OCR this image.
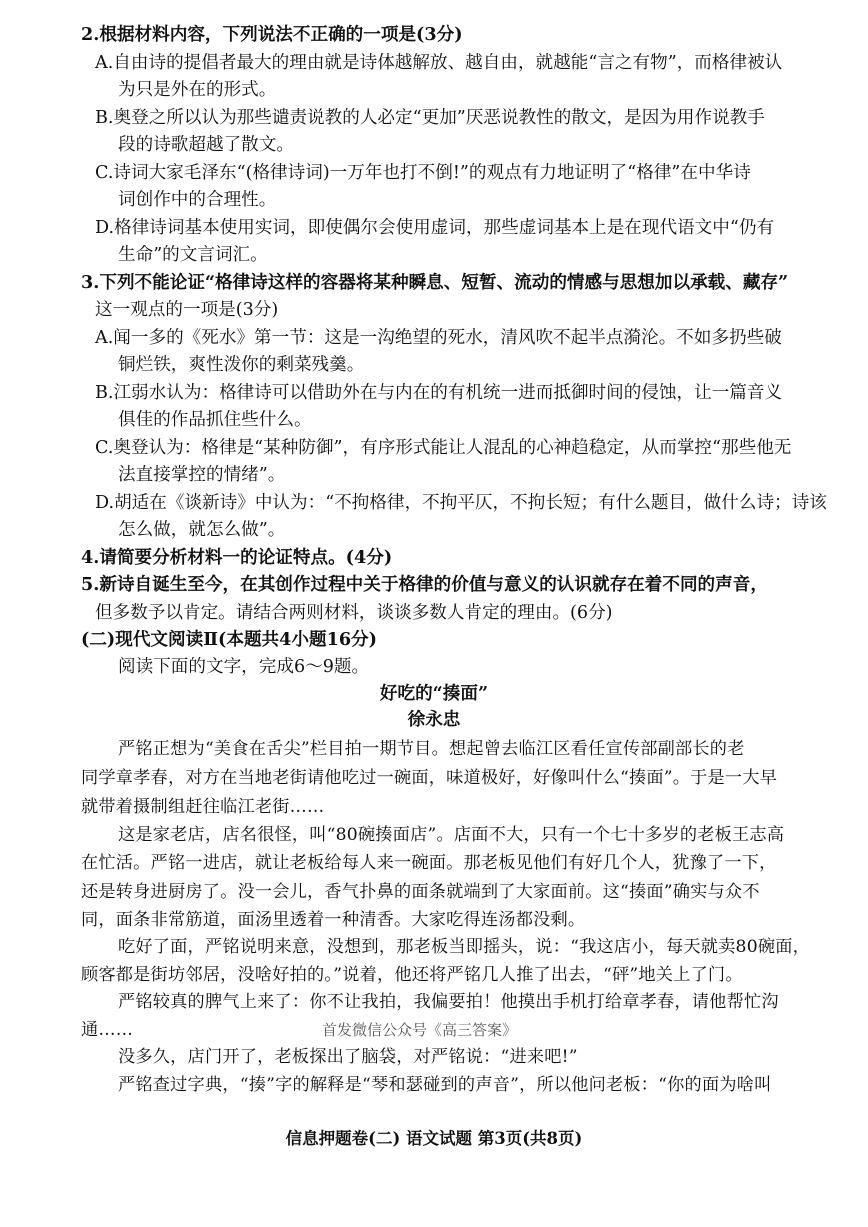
2.根据材料内容，下列说法不正确的一项是(3分)
A.自由诗的提倡者最大的理由就是诗体越解放、越自由，就越能“言之有物”，而格律被认
为只是外在的形式。
B.奥登之所以认为那些谴责说教的人必定“更加”厌恶说教性的散文，是因为用作说教手
段的诗歌超越了散文。
C.诗词大家毛泽东“(格律诗词)一万年也打不倒!”的观点有力地证明了“格律”在中华诗
词创作中的合理性。
D.格律诗词基本使用实词，即使偶尔会使用虚词，那些虚词基本上是在现代语文中“仍有
生命”的文言词汇。
3.下列不能论证“格律诗这样的容器将某种瞬息、短暂、流动的情感与思想加以承载、藏存”
这一观点的一项是(3分)
A.闻一多的《死水》第一节：这是一沟绝望的死水，清风吹不起半点漪沦。不如多扔些破
铜烂铁，爽性泼你的剩菜残羹。
B.江弱水认为：格律诗可以借助外在与内在的有机统一进而抵御时间的侵蚀，让一篇音义
俱佳的作品抓住些什么。
C.奥登认为：格律是“某种防御”，有序形式能让人混乱的心神趋稳定，从而掌控“那些他无
法直接掌控的情绪”。
D.胡适在《谈新诗》中认为：“不拘格律，不拘平仄，不拘长短；有什么题目，做什么诗；诗该
怎么做，就怎么做”。
4.请简要分析材料一的论证特点。(4分)
5.新诗自诞生至今，在其创作过程中关于格律的价值与意义的认识就存在着不同的声音，
但多数予以肯定。请结合两则材料，谈谈多数人肯定的理由。(6分)
(二)现代文阅读Ⅱ(本题共4小题16分)
阅读下面的文字，完成6～9题。
好吃的“揍面”
徐永忠
严铭正想为“美食在舌尖”栏目拍一期节目。想起曾去临江区看任宣传部副部长的老
同学章孝春，对方在当地老街请他吃过一碗面，味道极好，好像叫什么“揍面”。于是一大早
就带着摄制组赶往临江老街……
这是家老店，店名很怪，叫“80碗揍面店”。店面不大，只有一个七十多岁的老板王志高
在忙活。严铭一进店，就让老板给每人来一碗面。那老板见他们有好几个人，犹豫了一下，
还是转身进厨房了。没一会儿，香气扑鼻的面条就端到了大家面前。这“揍面”确实与众不
同，面条非常筋道，面汤里透着一种清香。大家吃得连汤都没剩。
吃好了面，严铭说明来意，没想到，那老板当即摇头，说：“我这店小，每天就卖80碗面，
顾客都是街坊邻居，没啥好拍的。”说着，他还将严铭几人推了出去，“砰”地关上了门。
严铭较真的脾气上来了：你不让我拍，我偏要拍！他摸出手机打给章孝春，请他帮忙沟
通……
没多久，店门开了，老板探出了脑袋，对严铭说：“进来吧!”
严铭查过字典，“揍”字的解释是“琴和瑟碰到的声音”，所以他问老板：“你的面为啥叫
首发微信公众号《高三答案》
信息押题卷(二) 语文试题 第3页(共8页)
